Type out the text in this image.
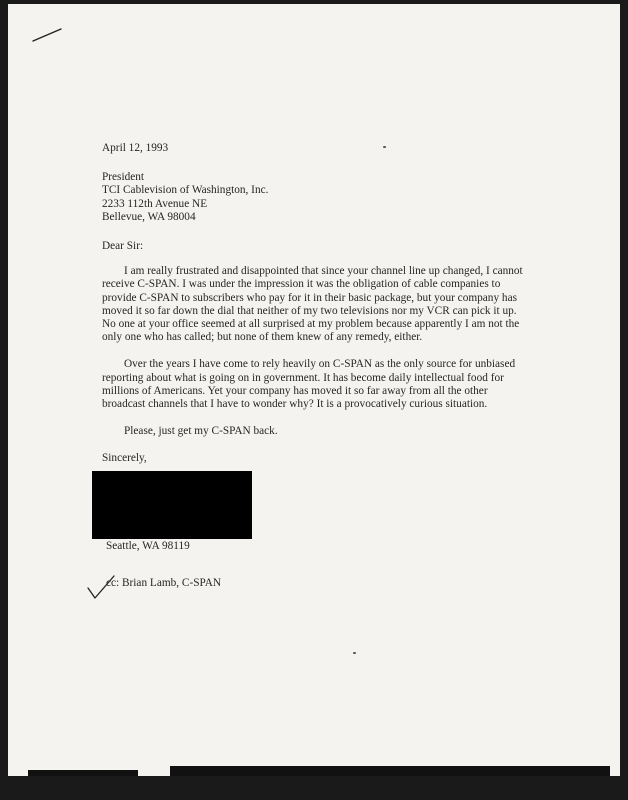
April 12, 1993
President
TCI Cablevision of Washington, Inc.
2233 112th Avenue NE
Bellevue, WA 98004
Dear Sir:

I am really frustrated and disappointed that since your channel line up changed, I cannot receive C-SPAN. I was under the impression it was the obligation of cable companies to provide C-SPAN to subscribers who pay for it in their basic package, but your company has moved it so far down the dial that neither of my two televisions nor my VCR can pick it up. No one at your office seemed at all surprised at my problem because apparently I am not the only one who has called; but none of them knew of any remedy, either.

Over the years I have come to rely heavily on C-SPAN as the only source for unbiased reporting about what is going on in government. It has become daily intellectual food for millions of Americans. Yet your company has moved it so far away from all the other broadcast channels that I have to wonder why? It is a provocatively curious situation.

Please, just get my C-SPAN back.

Sincerely,
Seattle, WA 98119
cc: Brian Lamb, C-SPAN
